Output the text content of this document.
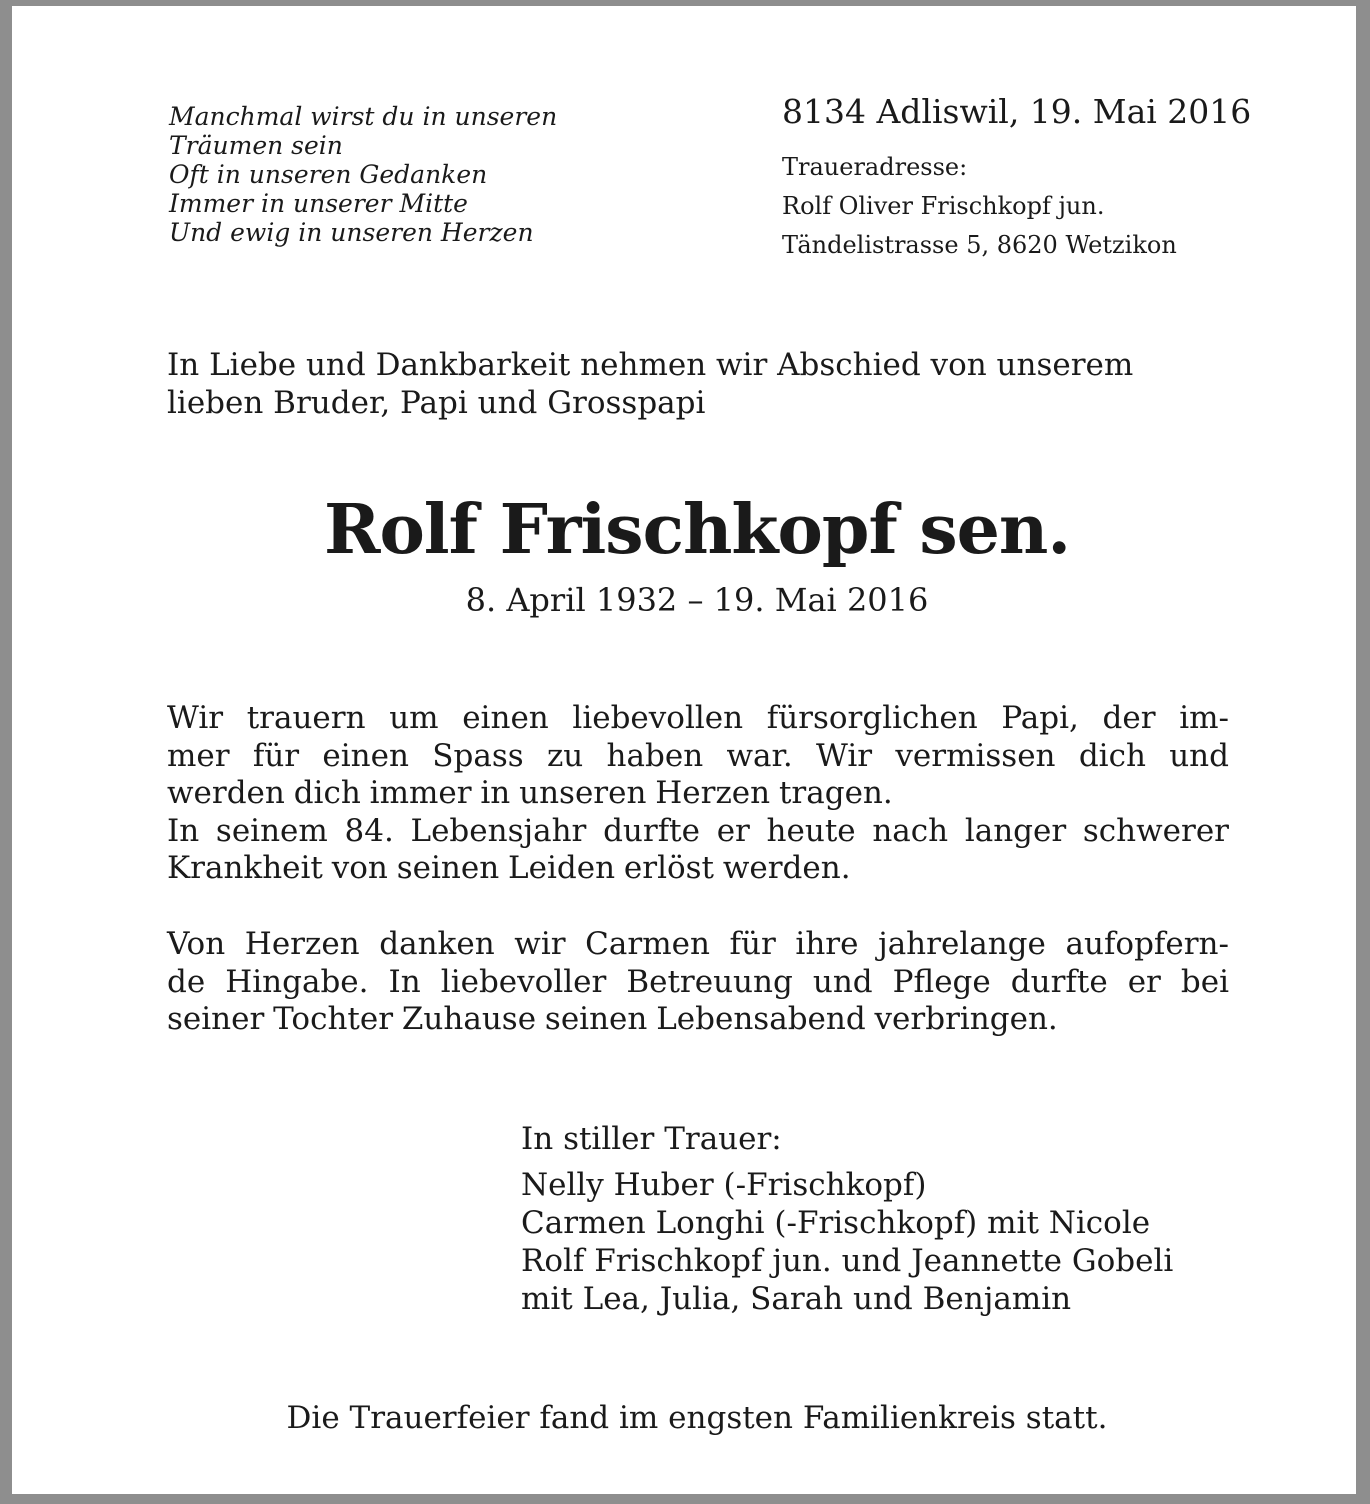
Manchmal wirst du in unseren
Träumen sein
Oft in unseren Gedanken
Immer in unserer Mitte
Und ewig in unseren Herzen
8134 Adliswil, 19. Mai 2016
Traueradresse:
Rolf Oliver Frischkopf jun.
Tändelistrasse 5, 8620 Wetzikon
In Liebe und Dankbarkeit nehmen wir Abschied von unserem
lieben Bruder, Papi und Grosspapi
Rolf Frischkopf sen.
8. April 1932 – 19. Mai 2016
Wir trauern um einen liebevollen fürsorglichen Papi, der im-
mer für einen Spass zu haben war. Wir vermissen dich und
werden dich immer in unseren Herzen tragen.
In seinem 84. Lebensjahr durfte er heute nach langer schwerer
Krankheit von seinen Leiden erlöst werden.
Von Herzen danken wir Carmen für ihre jahrelange aufopfern-
de Hingabe. In liebevoller Betreuung und Pflege durfte er bei
seiner Tochter Zuhause seinen Lebensabend verbringen.
In stiller Trauer:
Nelly Huber (-Frischkopf)
Carmen Longhi (-Frischkopf) mit Nicole
Rolf Frischkopf jun. und Jeannette Gobeli
mit Lea, Julia, Sarah und Benjamin
Die Trauerfeier fand im engsten Familienkreis statt.
